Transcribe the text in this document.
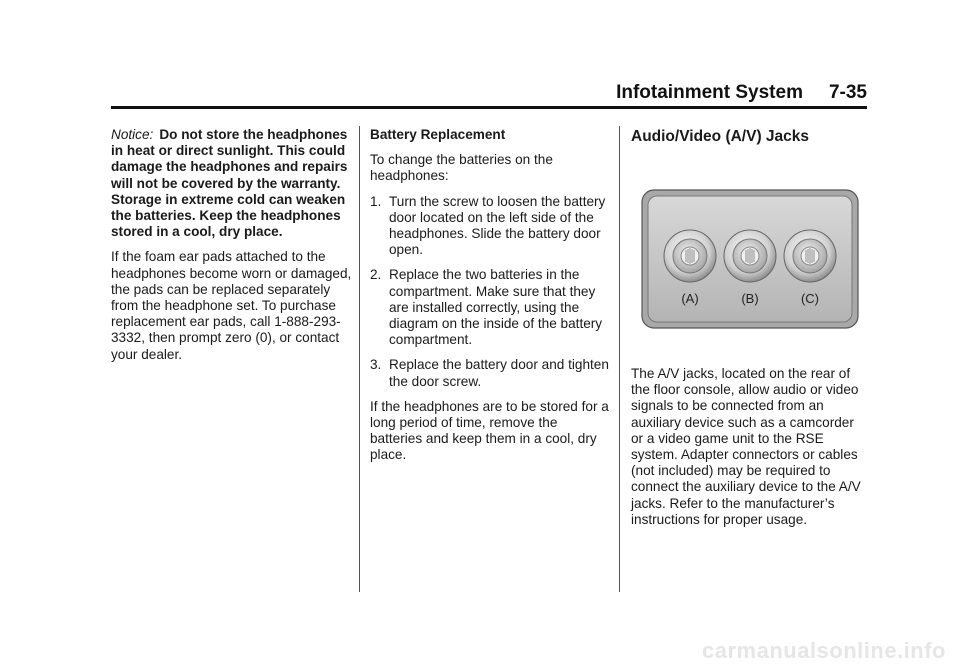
Infotainment System 7-35

Notice: Do not store the headphones in heat or direct sunlight. This could damage the headphones and repairs will not be covered by the warranty. Storage in extreme cold can weaken the batteries. Keep the headphones stored in a cool, dry place.

If the foam ear pads attached to the headphones become worn or damaged, the pads can be replaced separately from the headphone set. To purchase replacement ear pads, call 1-888-293-3332, then prompt zero (0), or contact your dealer.

Battery Replacement

To change the batteries on the headphones:

1. Turn the screw to loosen the battery door located on the left side of the headphones. Slide the battery door open.
2. Replace the two batteries in the compartment. Make sure that they are installed correctly, using the diagram on the inside of the battery compartment.
3. Replace the battery door and tighten the door screw.

If the headphones are to be stored for a long period of time, remove the batteries and keep them in a cool, dry place.

Audio/Video (A/V) Jacks

The A/V jacks, located on the rear of the floor console, allow audio or video signals to be connected from an auxiliary device such as a camcorder or a video game unit to the RSE system. Adapter connectors or cables (not included) may be required to connect the auxiliary device to the A/V jacks. Refer to the manufacturer’s instructions for proper usage.

(A)	(B)	(C)
carmanualsonline.info
